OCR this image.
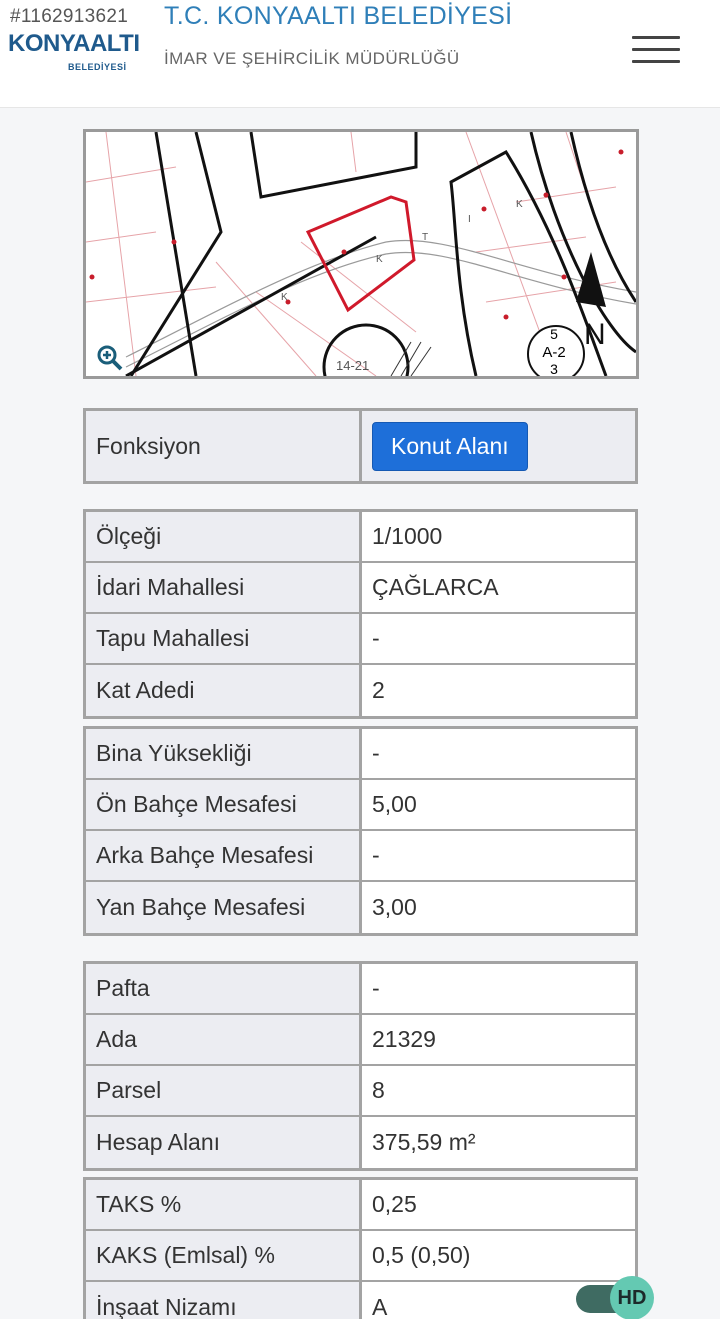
#1162913621
KONYAALTI
BELEDİYESİ
T.C. KONYAALTI BELEDİYESİ
İMAR VE ŞEHİRCİLİK MÜDÜRLÜĞÜ
5
A-2
3
N
14-21
K
K
K
T
I
Fonksiyon	Konut Alanı
Ölçeği	1/1000
İdari Mahallesi	ÇAĞLARCA
Tapu Mahallesi	-
Kat Adedi	2
Bina Yüksekliği	-
Ön Bahçe Mesafesi	5,00
Arka Bahçe Mesafesi	-
Yan Bahçe Mesafesi	3,00
Pafta	-
Ada	21329
Parsel	8
Hesap Alanı	375,59 m²
TAKS %	0,25
KAKS (Emlsal) %	0,5 (0,50)
İnşaat Nizamı	A	HD
